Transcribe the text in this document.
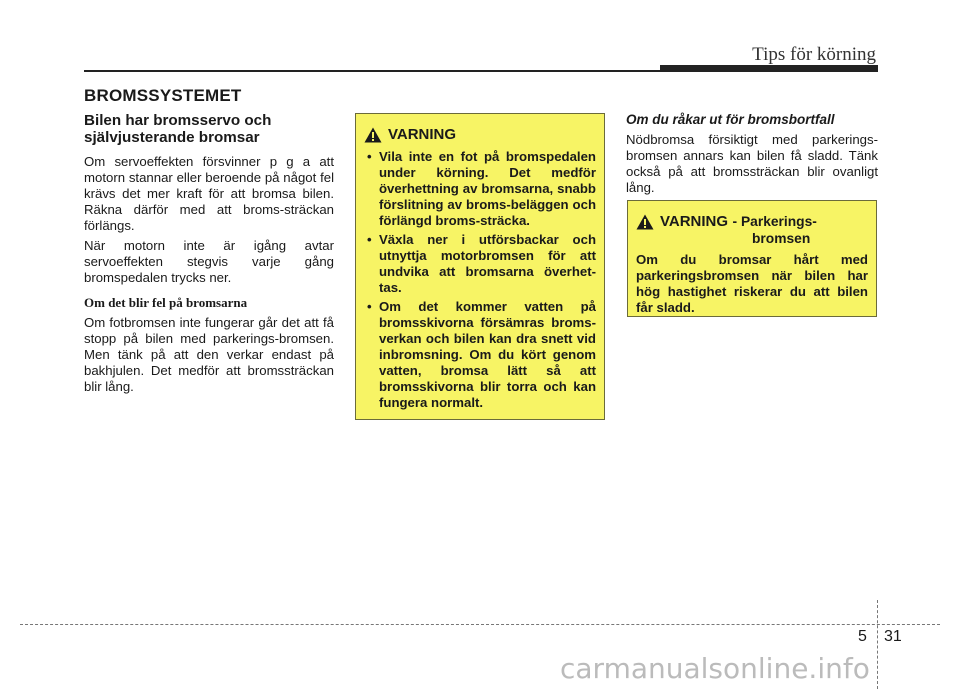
Tips för körning
BROMSSYSTEMET
Bilen har bromsservo och självjusterande bromsar

Om servoeffekten försvinner p g a att motorn stannar eller beroende på något fel krävs det mer kraft för att bromsa bilen. Räkna därför med att broms-sträckan förlängs.

När motorn inte är igång avtar servoeffekten stegvis varje gång bromspedalen trycks ner.

Om det blir fel på bromsarna

Om fotbromsen inte fungerar går det att få stopp på bilen med parkerings-bromsen. Men tänk på att den verkar endast på bakhjulen. Det medför att bromssträckan blir lång.

VARNING
• Vila inte en fot på bromspedalen under körning. Det medför överhettning av bromsarna, snabb förslitning av broms-beläggen och förlängd broms-sträcka.
• Växla ner i utförsbackar och utnyttja motorbromsen för att undvika att bromsarna överhet-tas.
• Om det kommer vatten på bromsskivorna försämras broms-verkan och bilen kan dra snett vid inbromsning. Om du kört genom vatten, bromsa lätt så att bromsskivorna blir torra och kan fungera normalt.
Om du råkar ut för bromsbortfall

Nödbromsa försiktigt med parkerings-bromsen annars kan bilen få sladd. Tänk också på att bromssträckan blir ovanligt lång.

VARNING - Parkerings-
bromsen
Om du bromsar hårt med parkeringsbromsen när bilen har hög hastighet riskerar du att bilen får sladd.
5 31
carmanualsonline.info
